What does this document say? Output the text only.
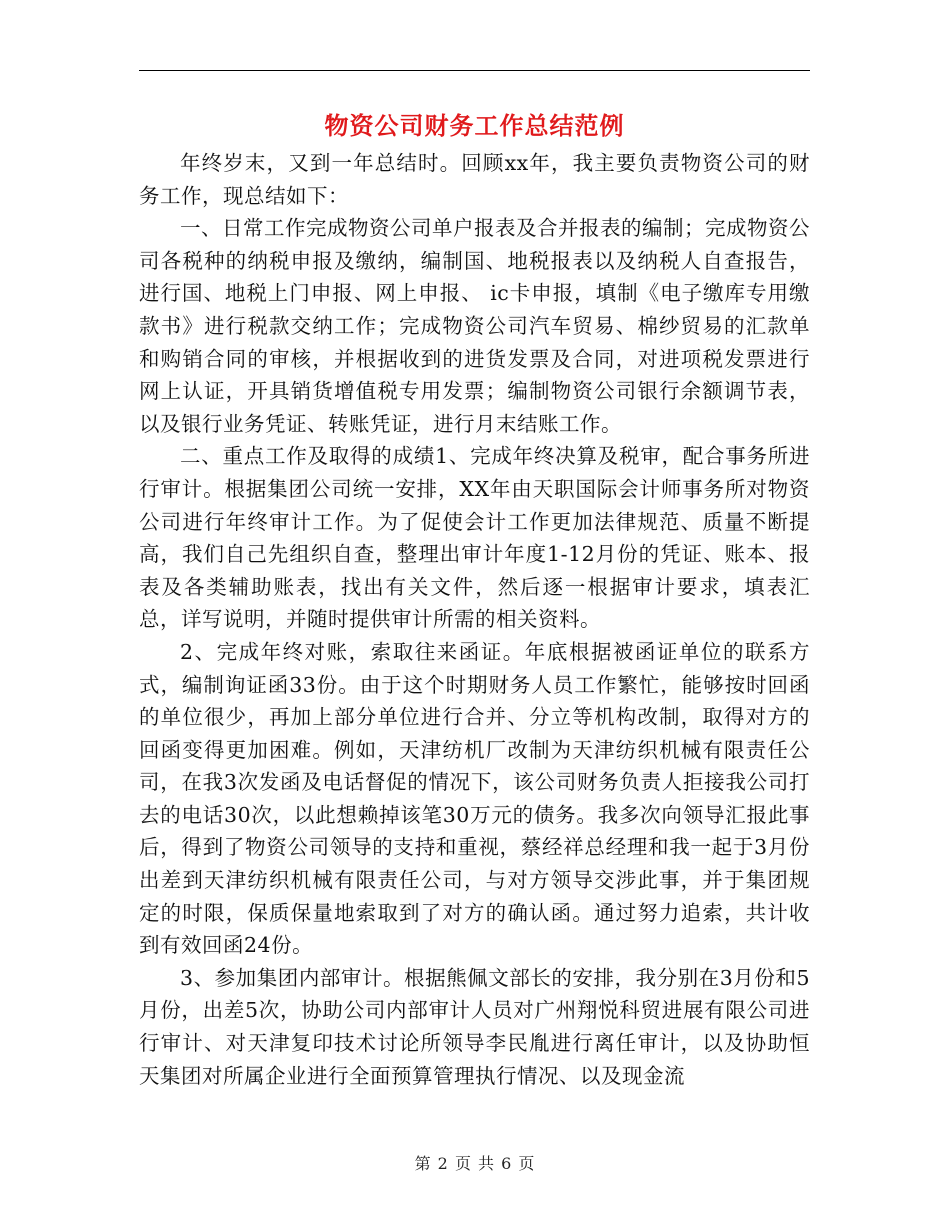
物资公司财务工作总结范例

年终岁末，又到一年总结时。回顾xx年，我主要负责物资公司的财务工作，现总结如下：

一、日常工作完成物资公司单户报表及合并报表的编制；完成物资公司各税种的纳税申报及缴纳，编制国、地税报表以及纳税人自查报告，进行国、地税上门申报、网上申报、 ic卡申报，填制《电子缴库专用缴款书》进行税款交纳工作；完成物资公司汽车贸易、棉纱贸易的汇款单和购销合同的审核，并根据收到的进货发票及合同，对进项税发票进行网上认证，开具销货增值税专用发票；编制物资公司银行余额调节表，以及银行业务凭证、转账凭证，进行月末结账工作。

二、重点工作及取得的成绩1、完成年终决算及税审，配合事务所进行审计。根据集团公司统一安排，XX年由天职国际会计师事务所对物资公司进行年终审计工作。为了促使会计工作更加法律规范、质量不断提高，我们自己先组织自查，整理出审计年度1-12月份的凭证、账本、报表及各类辅助账表，找出有关文件，然后逐一根据审计要求，填表汇总，详写说明，并随时提供审计所需的相关资料。

2、完成年终对账，索取往来函证。年底根据被函证单位的联系方式，编制询证函33份。由于这个时期财务人员工作繁忙，能够按时回函的单位很少，再加上部分单位进行合并、分立等机构改制，取得对方的回函变得更加困难。例如，天津纺机厂改制为天津纺织机械有限责任公司，在我3次发函及电话督促的情况下，该公司财务负责人拒接我公司打去的电话30次，以此想赖掉该笔30万元的债务。我多次向领导汇报此事后，得到了物资公司领导的支持和重视，蔡经祥总经理和我一起于3月份出差到天津纺织机械有限责任公司，与对方领导交涉此事，并于集团规定的时限，保质保量地索取到了对方的确认函。通过努力追索，共计收到有效回函24份。

3、参加集团内部审计。根据熊佩文部长的安排，我分别在3月份和5月份，出差5次，协助公司内部审计人员对广州翔悦科贸进展有限公司进行审计、对天津复印技术讨论所领导李民胤进行离任审计，以及协助恒天集团对所属企业进行全面预算管理执行情况、以及现金流

第 2 页 共 6 页
